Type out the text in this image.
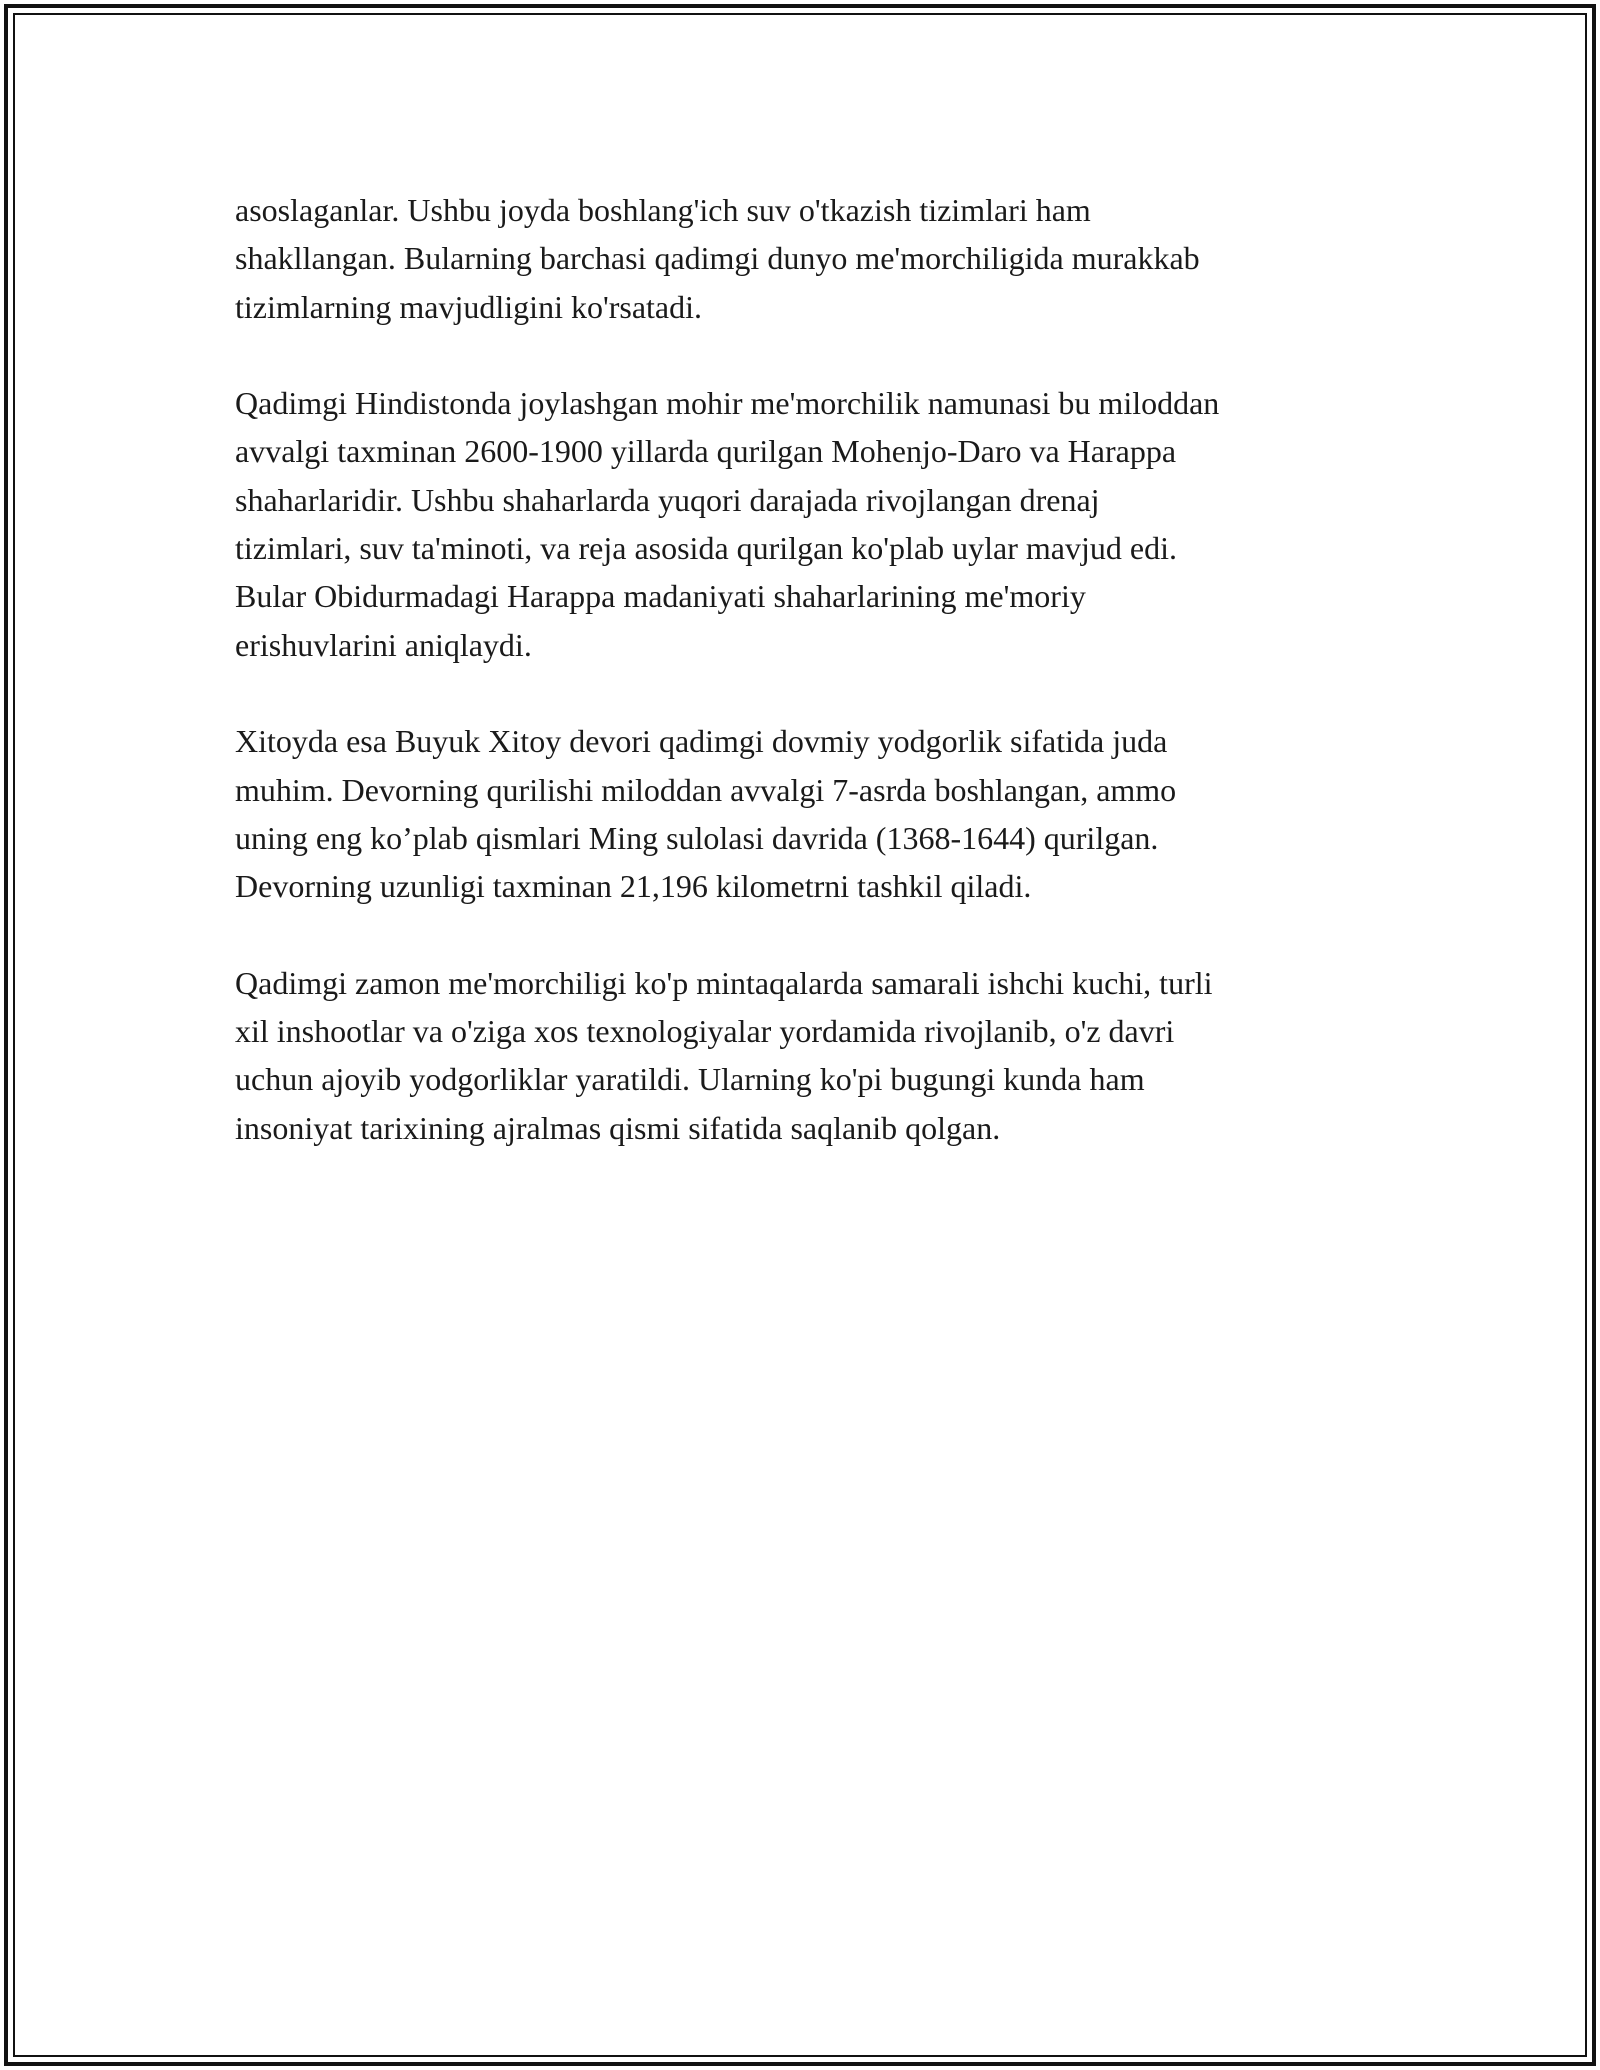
asoslaganlar. Ushbu joyda boshlang'ich suv o'tkazish tizimlari ham
shakllangan. Bularning barchasi qadimgi dunyo me'morchiligida murakkab
tizimlarning mavjudligini ko'rsatadi.

Qadimgi Hindistonda joylashgan mohir me'morchilik namunasi bu miloddan
avvalgi taxminan 2600-1900 yillarda qurilgan Mohenjo-Daro va Harappa
shaharlaridir. Ushbu shaharlarda yuqori darajada rivojlangan drenaj
tizimlari, suv ta'minoti, va reja asosida qurilgan ko'plab uylar mavjud edi.
Bular Obidurmadagi Harappa madaniyati shaharlarining me'moriy
erishuvlarini aniqlaydi.

Xitoyda esa Buyuk Xitoy devori qadimgi dovmiy yodgorlik sifatida juda
muhim. Devorning qurilishi miloddan avvalgi 7-asrda boshlangan, ammo
uning eng ko’plab qismlari Ming sulolasi davrida (1368-1644) qurilgan.
Devorning uzunligi taxminan 21,196 kilometrni tashkil qiladi.

Qadimgi zamon me'morchiligi ko'p mintaqalarda samarali ishchi kuchi, turli
xil inshootlar va o'ziga xos texnologiyalar yordamida rivojlanib, o'z davri
uchun ajoyib yodgorliklar yaratildi. Ularning ko'pi bugungi kunda ham
insoniyat tarixining ajralmas qismi sifatida saqlanib qolgan.
